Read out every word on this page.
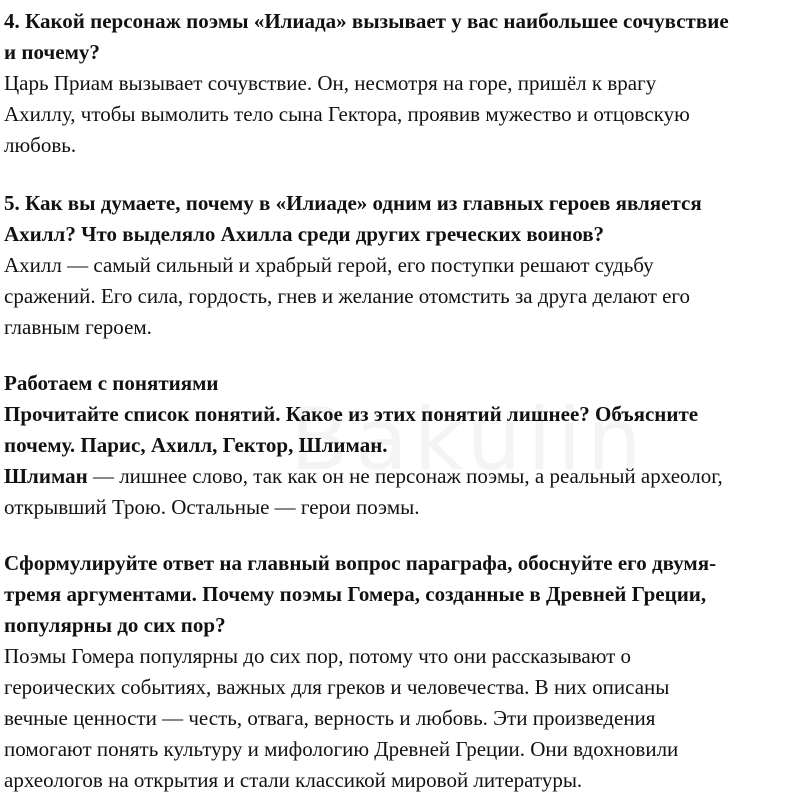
4. Какой персонаж поэмы «Илиада» вызывает у вас наибольшее сочувствие
и почему?

Царь Приам вызывает сочувствие. Он, несмотря на горе, пришёл к врагу
Ахиллу, чтобы вымолить тело сына Гектора, проявив мужество и отцовскую
любовь.

5. Как вы думаете, почему в «Илиаде» одним из главных героев является
Ахилл? Что выделяло Ахилла среди других греческих воинов?

Ахилл — самый сильный и храбрый герой, его поступки решают судьбу
сражений. Его сила, гордость, гнев и желание отомстить за друга делают его
главным героем.

Работаем с понятиями
Прочитайте список понятий. Какое из этих понятий лишнее? Объясните
почему. Парис, Ахилл, Гектор, Шлиман.

Шлиман — лишнее слово, так как он не персонаж поэмы, а реальный археолог,
открывший Трою. Остальные — герои поэмы.

Сформулируйте ответ на главный вопрос параграфа, обоснуйте его двумя-
тремя аргументами. Почему поэмы Гомера, созданные в Древней Греции,
популярны до сих пор?

Поэмы Гомера популярны до сих пор, потому что они рассказывают о
героических событиях, важных для греков и человечества. В них описаны
вечные ценности — честь, отвага, верность и любовь. Эти произведения
помогают понять культуру и мифологию Древней Греции. Они вдохновили
археологов на открытия и стали классикой мировой литературы.
